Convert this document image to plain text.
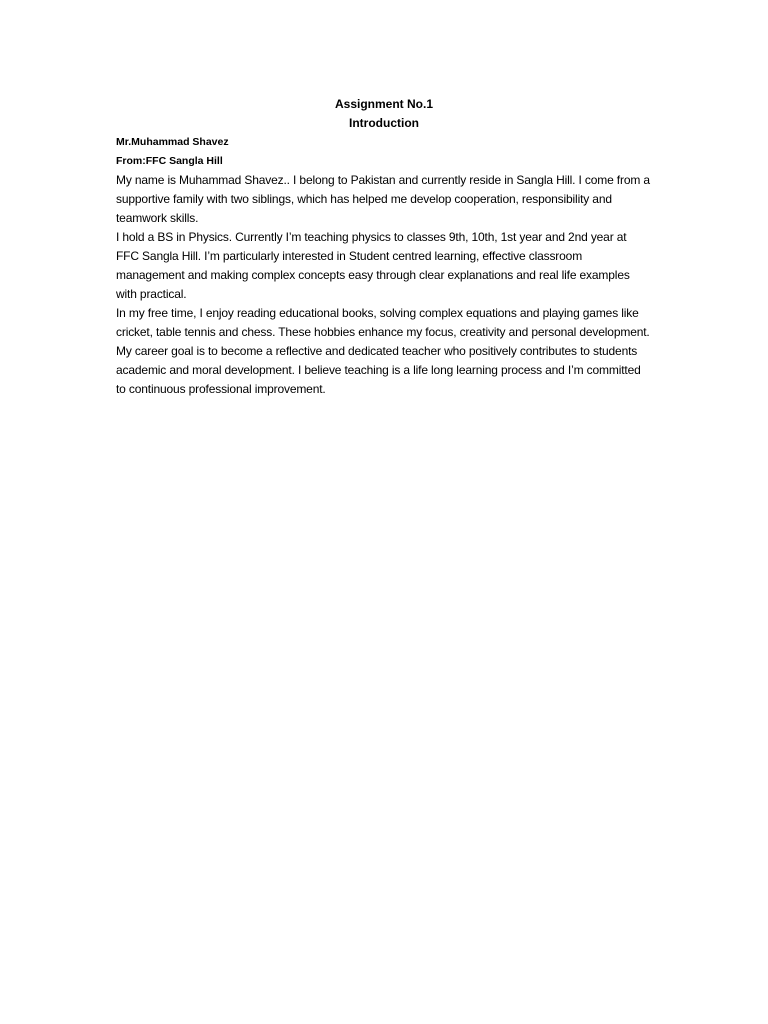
Assignment No.1

Introduction

Mr.Muhammad Shavez

From:FFC Sangla Hill

My name is Muhammad Shavez.. I belong to Pakistan and currently reside in Sangla Hill. I come from a supportive family with two siblings, which has helped me develop cooperation, responsibility and teamwork skills.

I hold a BS in Physics. Currently I’m teaching physics to classes 9th, 10th, 1st year and 2nd year at FFC Sangla Hill. I’m particularly interested in Student centred learning, effective classroom management and making complex concepts easy through clear explanations and real life examples with practical.

In my free time, I enjoy reading educational books, solving complex equations and playing games like cricket, table tennis and chess. These hobbies enhance my focus, creativity and personal development.

My career goal is to become a reflective and dedicated teacher who positively contributes to students academic and moral development. I believe teaching is a life long learning process and I’m committed to continuous professional improvement.
